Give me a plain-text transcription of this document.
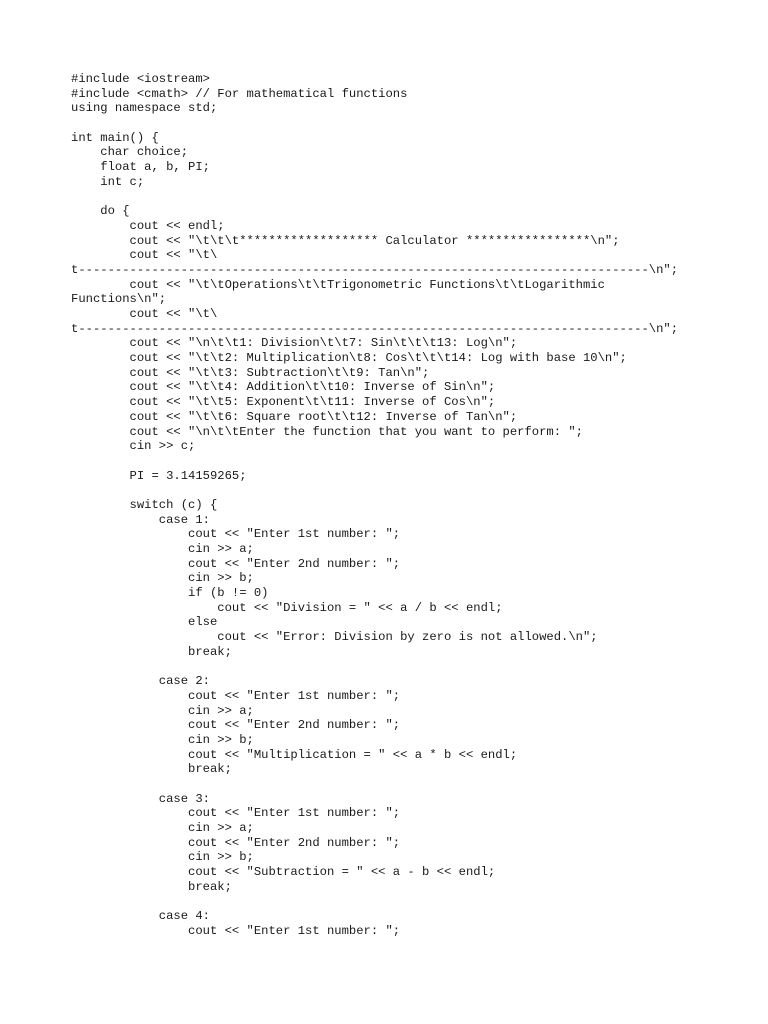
#include <iostream>
#include <cmath> // For mathematical functions
using namespace std;
int main() {
char choice;
float a, b, PI;
int c;
do {
cout << endl;
cout << "\t\t\t******************* Calculator *****************\n";
cout << "\t\
t------------------------------------------------------------------------------\n";
cout << "\t\tOperations\t\tTrigonometric Functions\t\tLogarithmic
Functions\n";
cout << "\t\
t------------------------------------------------------------------------------\n";
cout << "\n\t\t1: Division\t\t7: Sin\t\t\t13: Log\n";
cout << "\t\t2: Multiplication\t8: Cos\t\t\t14: Log with base 10\n";
cout << "\t\t3: Subtraction\t\t9: Tan\n";
cout << "\t\t4: Addition\t\t10: Inverse of Sin\n";
cout << "\t\t5: Exponent\t\t11: Inverse of Cos\n";
cout << "\t\t6: Square root\t\t12: Inverse of Tan\n";
cout << "\n\t\tEnter the function that you want to perform: ";
cin >> c;
PI = 3.14159265;
switch (c) {
case 1:
cout << "Enter 1st number: ";
cin >> a;
cout << "Enter 2nd number: ";
cin >> b;
if (b != 0)
cout << "Division = " << a / b << endl;
else
cout << "Error: Division by zero is not allowed.\n";
break;
case 2:
cout << "Enter 1st number: ";
cin >> a;
cout << "Enter 2nd number: ";
cin >> b;
cout << "Multiplication = " << a * b << endl;
break;
case 3:
cout << "Enter 1st number: ";
cin >> a;
cout << "Enter 2nd number: ";
cin >> b;
cout << "Subtraction = " << a - b << endl;
break;
case 4:
cout << "Enter 1st number: ";
